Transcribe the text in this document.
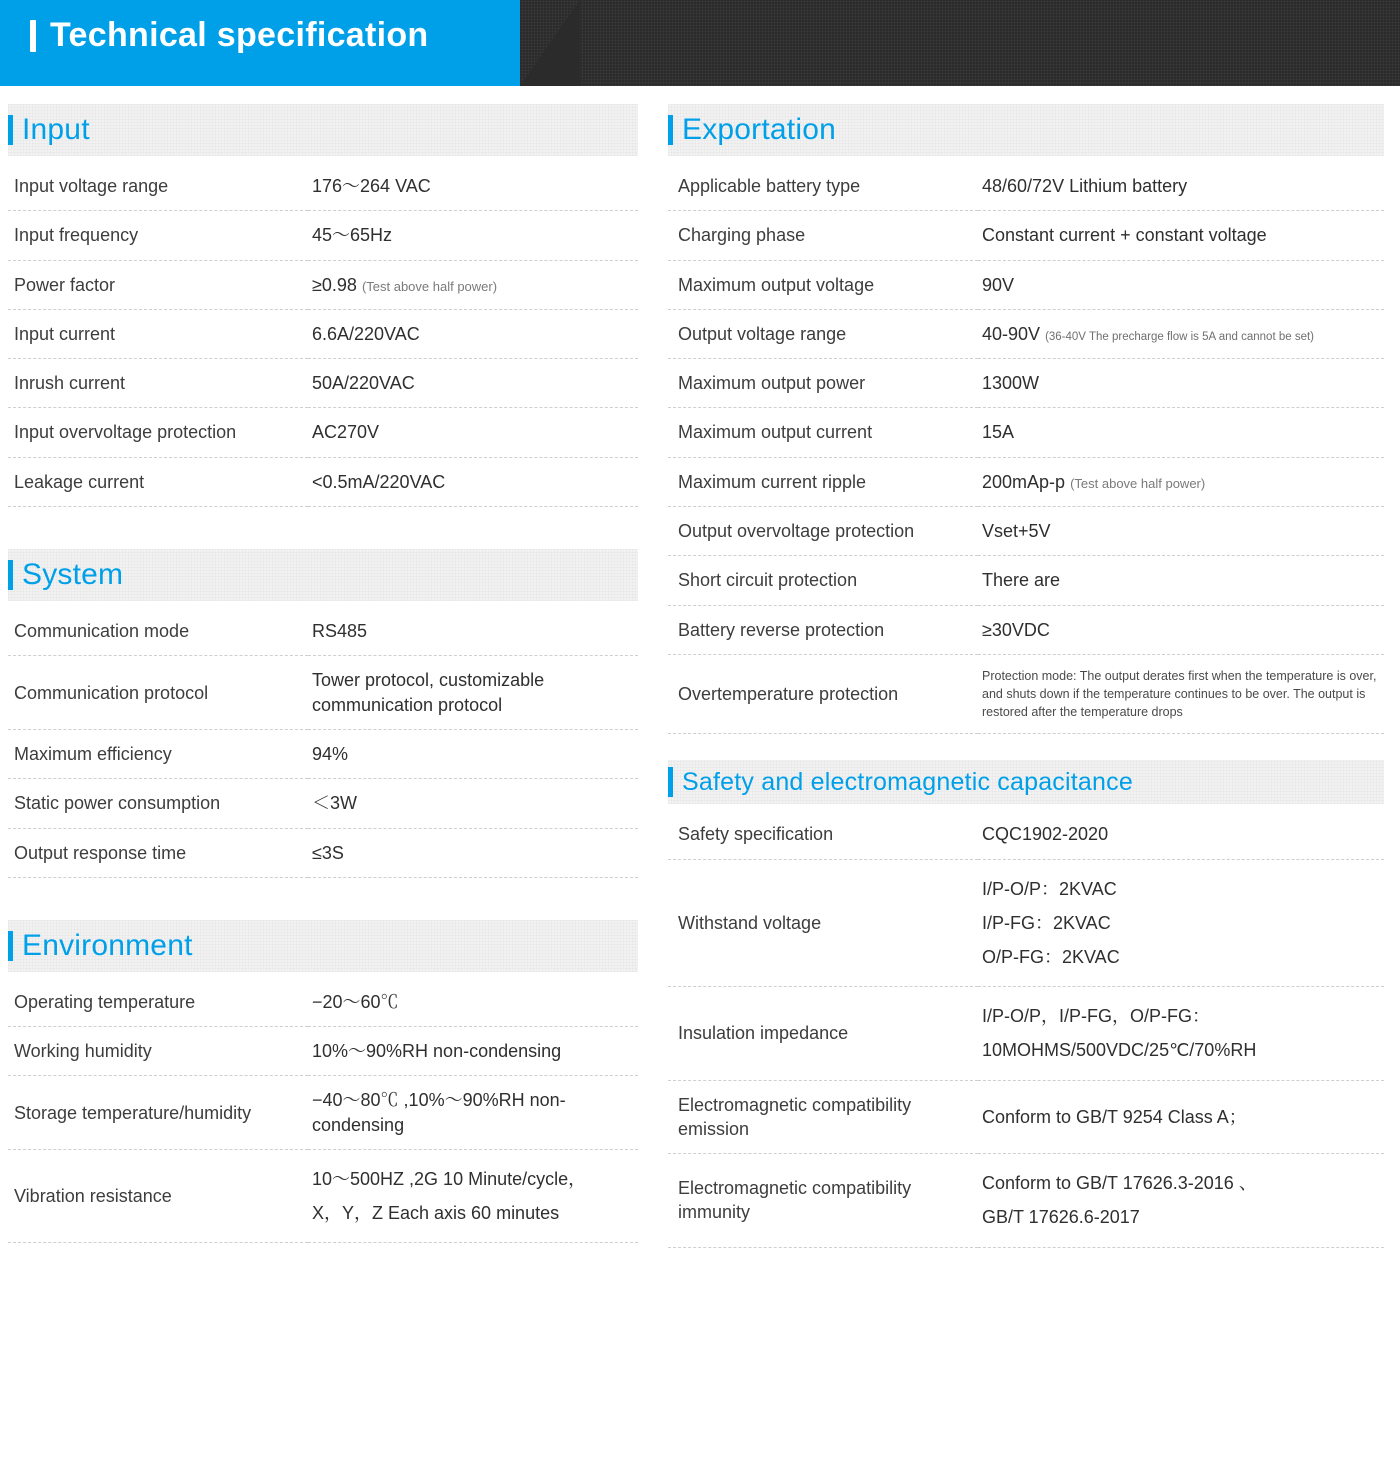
Technical specification
Input
Input voltage range	176～264 VAC
Input frequency	45～65Hz
Power factor	≥0.98 (Test above half power)
Input current	6.6A/220VAC
Inrush current	50A/220VAC
Input overvoltage protection	AC270V
Leakage current	<0.5mA/220VAC
System
Communication mode	RS485
Communication protocol	Tower protocol, customizable communication protocol
Maximum efficiency	94%
Static power consumption	＜3W
Output response time	≤3S
Environment
Operating temperature	−20～60℃
Working humidity	10%～90%RH non-condensing
Storage temperature/humidity	−40～80℃ ,10%～90%RH non-condensing
Vibration resistance	10～500HZ ,2G 10 Minute/cycle，
X，Y，Z Each axis 60 minutes
Exportation
Applicable battery type	48/60/72V Lithium battery
Charging phase	Constant current + constant voltage
Maximum output voltage	90V
Output voltage range	40-90V (36-40V The precharge flow is 5A and cannot be set)
Maximum output power	1300W
Maximum output current	15A
Maximum current ripple	200mAp-p (Test above half power)
Output overvoltage protection	Vset+5V
Short circuit protection	There are
Battery reverse protection	≥30VDC
Overtemperature protection	Protection mode: The output derates first when the temperature is over, and shuts down if the temperature continues to be over. The output is restored after the temperature drops
Safety and electromagnetic capacitance
Safety specification	CQC1902-2020
Withstand voltage	I/P-O/P：2KVAC
I/P-FG：2KVAC
O/P-FG：2KVAC

Insulation impedance	I/P-O/P，I/P-FG，O/P-FG：
10MOHMS/500VDC/25℃/70%RH

Electromagnetic compatibility emission	Conform to GB/T 9254 Class A；
Electromagnetic compatibility immunity	Conform to GB/T 17626.3-2016 、
GB/T 17626.6-2017
